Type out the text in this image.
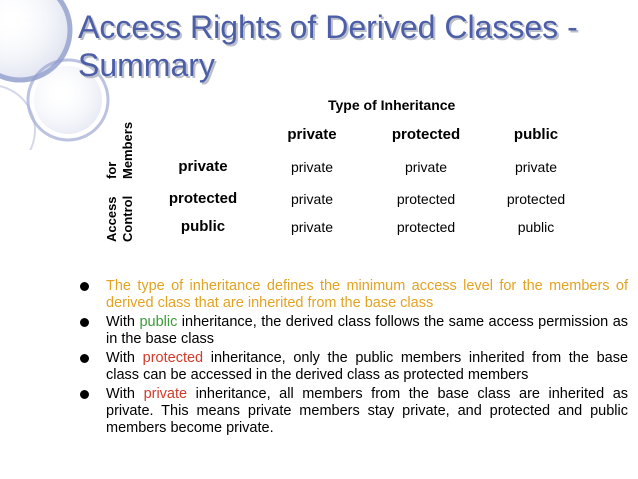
Access Rights of Derived Classes -
Summary
Type of Inheritance
Access Control
for Members	private	protected	public
private	private	private	private
protected	private	protected	protected
public	private	protected	public
The type of inheritance defines the minimum access level for the members of derived class that are inherited from the base class
With public inheritance, the derived class follows the same access permission as in the base class
With protected inheritance, only the public members inherited from the base class can be accessed in the derived class as protected members
With private inheritance, all members from the base class are inherited as private. This means private members stay private, and protected and public members become private.
